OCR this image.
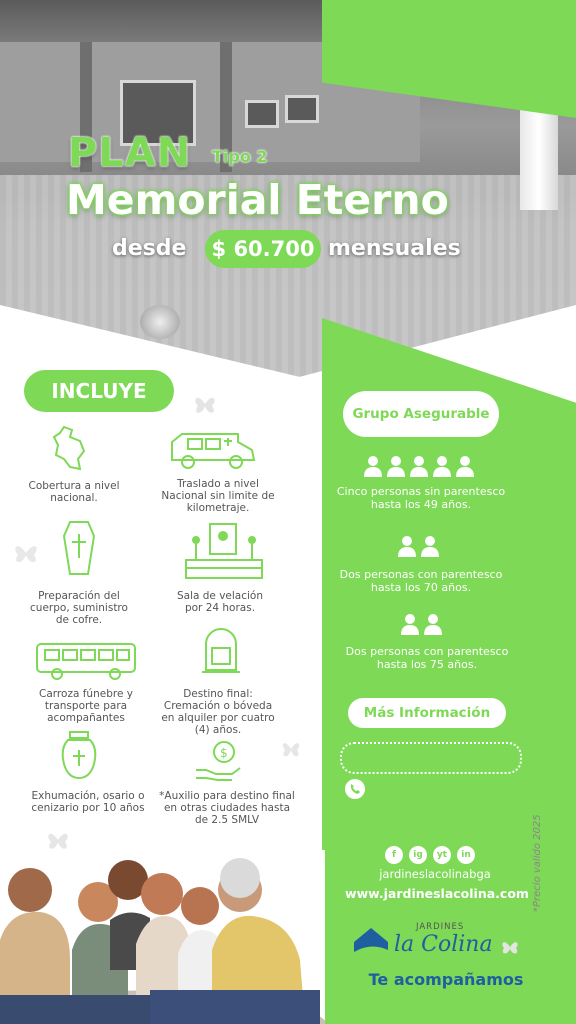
PLAN Tipo 2
Memorial Eterno
desde	$ 60.700 mensuales
INCLUYE
Cobertura a nivel nacional.
Traslado a nivel Nacional sin limite de kilometraje.
Preparación del cuerpo, suministro de cofre.
Sala de velación por 24 horas.
Carroza fúnebre y transporte para acompañantes
Destino final: Cremación o bóveda en alquiler por cuatro (4) años.
Exhumación, osario o cenizario por 10 años
$
*Auxilio para destino final en otras ciudades hasta de 2.5 SMLV
Grupo Asegurable
Cinco personas sin parentesco hasta los 49 años.
Dos personas con parentesco hasta los 70 años.
Dos personas con parentesco hasta los 75 años.
Más Información
f	ig	yt	in
jardineslacolinabga
www.jardineslacolina.com *Precio valido 2025
JARDINES
la Colina
Te acompañamos
desde el corazón
